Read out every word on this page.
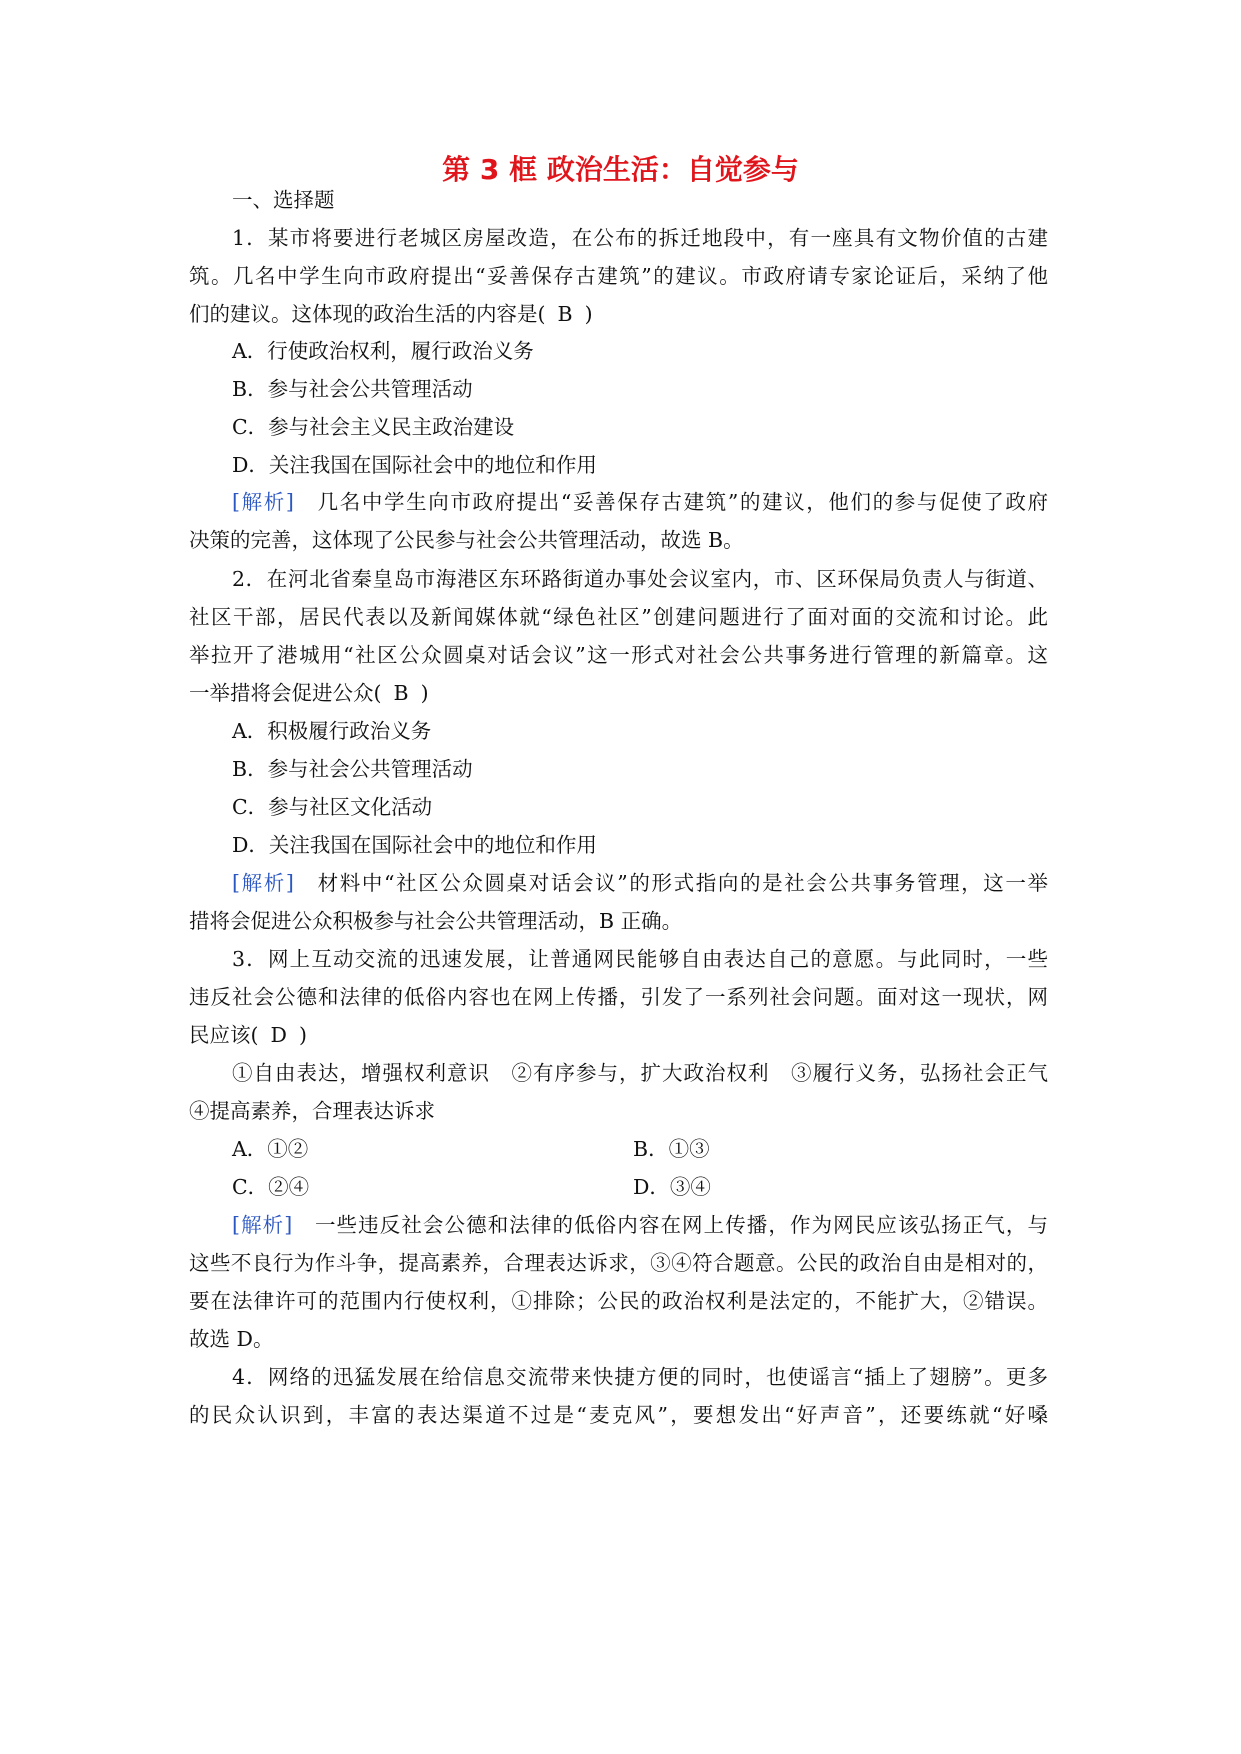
第 3 框 政治生活：自觉参与
一、选择题
1．某市将要进行老城区房屋改造，在公布的拆迁地段中，有一座具有文物价值的古建
筑。几名中学生向市政府提出“妥善保存古建筑”的建议。市政府请专家论证后，采纳了他
们的建议。这体现的政治生活的内容是( B )
A．行使政治权利，履行政治义务
B．参与社会公共管理活动
C．参与社会主义民主政治建设
D．关注我国在国际社会中的地位和作用
[解析]　 几名中学生向市政府提出“妥善保存古建筑”的建议，他们的参与促使了政府
决策的完善，这体现了公民参与社会公共管理活动，故选 B。
2．在河北省秦皇岛市海港区东环路街道办事处会议室内，市、区环保局负责人与街道、
社区干部，居民代表以及新闻媒体就“绿色社区”创建问题进行了面对面的交流和讨论。此
举拉开了港城用“社区公众圆桌对话会议”这一形式对社会公共事务进行管理的新篇章。这
一举措将会促进公众( B )
A．积极履行政治义务
B．参与社会公共管理活动
C．参与社区文化活动
D．关注我国在国际社会中的地位和作用
[解析]　 材料中“社区公众圆桌对话会议”的形式指向的是社会公共事务管理，这一举
措将会促进公众积极参与社会公共管理活动，B 正确。
3．网上互动交流的迅速发展，让普通网民能够自由表达自己的意愿。与此同时，一些
违反社会公德和法律的低俗内容也在网上传播，引发了一系列社会问题。面对这一现状，网
民应该( D )
①自由表达，增强权利意识　②有序参与，扩大政治权利　③履行义务，弘扬社会正气
④提高素养，合理表达诉求
A．①②	B．①③
C．②④	D．③④
[解析]　 一些违反社会公德和法律的低俗内容在网上传播，作为网民应该弘扬正气，与
这些不良行为作斗争，提高素养，合理表达诉求，③④符合题意。公民的政治自由是相对的，
要在法律许可的范围内行使权利，①排除；公民的政治权利是法定的，不能扩大，②错误。
故选 D。
4．网络的迅猛发展在给信息交流带来快捷方便的同时，也使谣言“插上了翅膀”。更多
的民众认识到，丰富的表达渠道不过是“麦克风”，要想发出“好声音”，还要练就“好嗓
